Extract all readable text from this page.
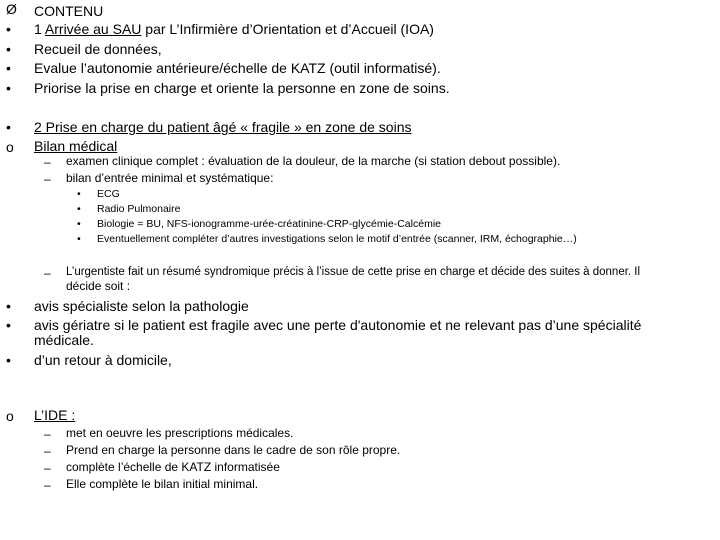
Ø CONTENU
• 1 Arrivée au SAU par L’Infirmière d’Orientation et d’Accueil (IOA)
• Recueil de données,
• Evalue l’autonomie antérieure/échelle de KATZ (outil informatisé).
• Priorise la prise en charge et oriente la personne en zone de soins.
• 2 Prise en charge du patient âgé « fragile » en zone de soins
o Bilan médical
– examen clinique complet : évaluation de la douleur, de la marche (si station debout possible).
– bilan d’entrée minimal et systématique:
• ECG
• Radio Pulmonaire
• Biologie = BU, NFS-ionogramme-urée-créatinine-CRP-glycémie-Calcémie
• Eventuellement compléter d’autres investigations selon le motif d’entrée (scanner, IRM, échographie…)
– L’urgentiste fait un résumé syndromique précis à l’issue de cette prise en charge et décide des suites à donner. Il
décide soit :
• avis spécialiste selon la pathologie
• avis gériatre si le patient est fragile avec une perte d'autonomie et ne relevant pas d’une spécialité
médicale.
• d’un retour à domicile,
o L’IDE :
– met en oeuvre les prescriptions médicales.
– Prend en charge la personne dans le cadre de son rôle propre.
– complète l’échelle de KATZ informatisée
– Elle complète le bilan initial minimal.
